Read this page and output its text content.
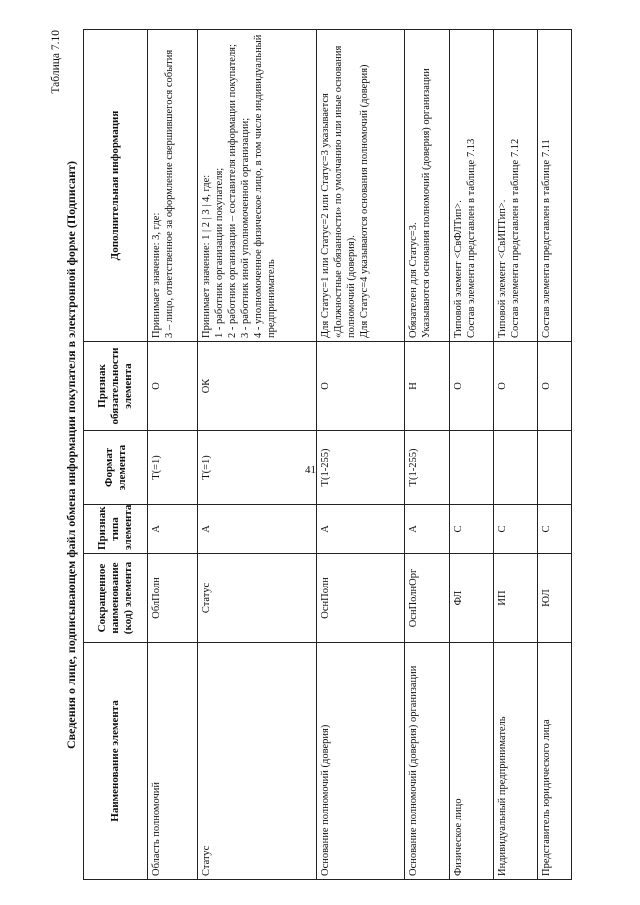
41
Таблица 7.10
Сведения о лице, подписывающем файл обмена информации покупателя в электронной форме (Подписант)
Наименование элемента	Сокращенное наименование (код) элемента	Признак типа элемента	Формат элемента	Признак обязательности элемента	Дополнительная информация
Область полномочий	ОблПолн	А	T(=1)	О	Принимает значение: 3, где: 3 – лицо, ответственное за оформление свершившегося события

Статус	Статус	А	T(=1)	ОК	Принимает значение: 1 | 2 | 3 | 4, где: 1 - работник организации покупателя; 2 - работник организации – составителя информации покупателя; 3 - работник иной уполномоченной организации; 4 - уполномоченное физическое лицо, в том числе индивидуальный предприниматель

Основание полномочий (доверия)	ОснПолн	А	T(1-255)	О	Для Статус=1 или Статус=2 или Статус=3 указывается «Должностные обязанности» по умолчанию или иные основания полномочий (доверия). Для Статус=4 указываются основания полномочий (доверия)

Основание полномочий (доверия) организации	ОснПолнОрг	А	T(1-255)	Н	Обязателен для Статус=3. Указываются основания полномочий (доверия) организации

Физическое лицо	ФЛ	С		О	Типовой элемент <СвФЛТип>. Состав элемента представлен в таблице 7.13

Индивидуальный предприниматель	ИП	С		О	Типовой элемент <СвИПТип>. Состав элемента представлен в таблице 7.12

Представитель юридического лица	ЮЛ	С		О	Состав элемента представлен в таблице 7.11
